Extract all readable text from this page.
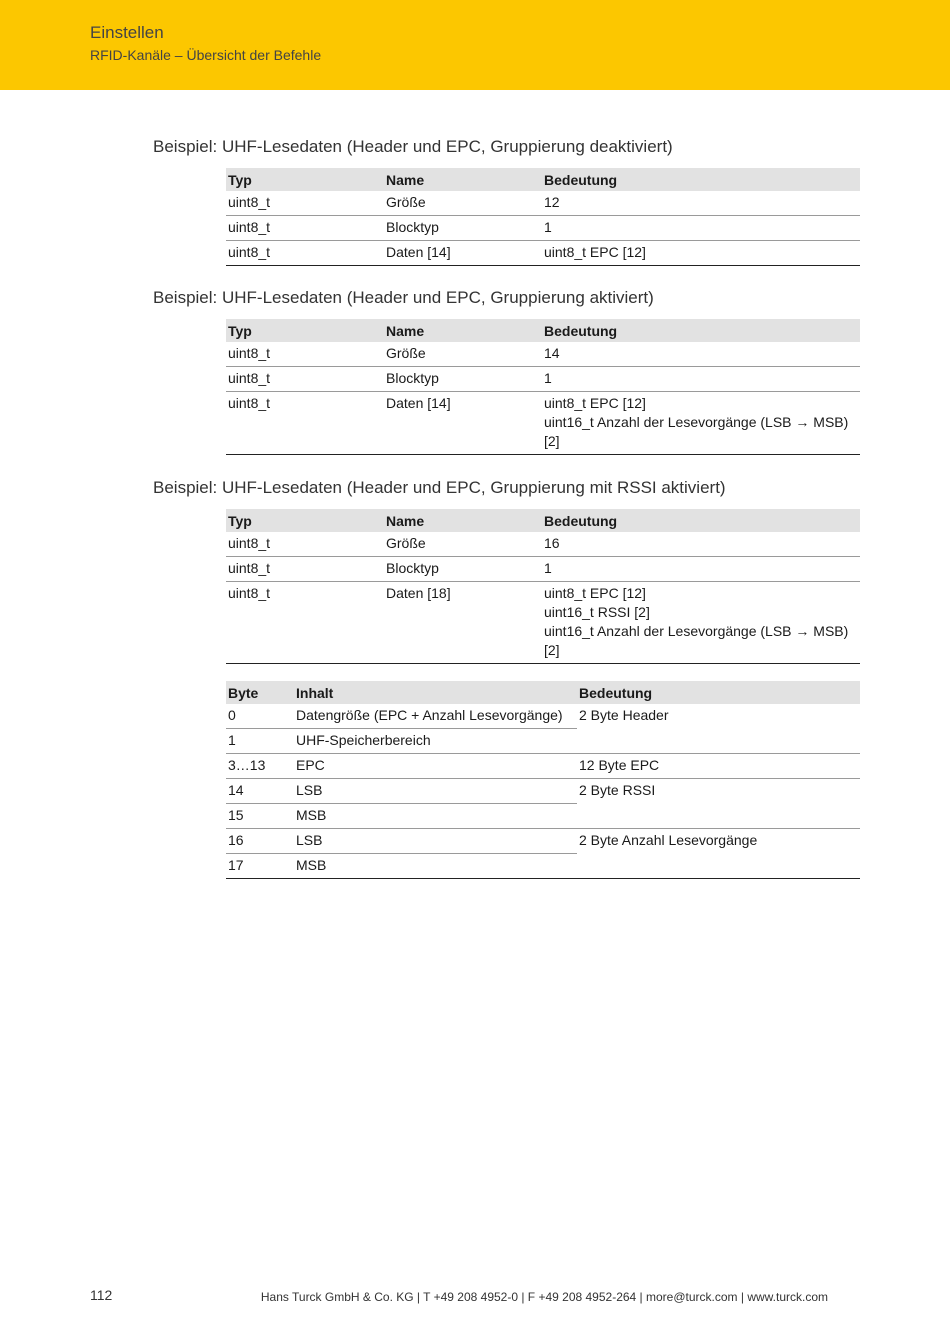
Einstellen
RFID-Kanäle – Übersicht der Befehle
Beispiel: UHF-Lesedaten (Header und EPC, Gruppierung deaktiviert)
Typ	Name	Bedeutung
uint8_t	Größe	12
uint8_t	Blocktyp	1
uint8_t	Daten [14]	uint8_t EPC [12]
Beispiel: UHF-Lesedaten (Header und EPC, Gruppierung aktiviert)
Typ	Name	Bedeutung
uint8_t	Größe	14
uint8_t	Blocktyp	1
uint8_t	Daten [14]	uint8_t EPC [12]
uint16_t Anzahl der Lesevorgänge (LSB → MSB) [2]
Beispiel: UHF-Lesedaten (Header und EPC, Gruppierung mit RSSI aktiviert)
Typ	Name	Bedeutung
uint8_t	Größe	16
uint8_t	Blocktyp	1
uint8_t	Daten [18]	uint8_t EPC [12]
uint16_t RSSI [2]
uint16_t Anzahl der Lesevorgänge (LSB → MSB) [2]
Byte	Inhalt	Bedeutung
0	Datengröße (EPC + Anzahl Lesevorgänge)	2 Byte Header
1	UHF-Speicherbereich	
3…13	EPC	12 Byte EPC
14	LSB	2 Byte RSSI
15	MSB	
16	LSB	2 Byte Anzahl Lesevorgänge
17	MSB	
112	Hans Turck GmbH & Co. KG | T +49 208 4952-0 | F +49 208 4952-264 | more@turck.com | www.turck.com
